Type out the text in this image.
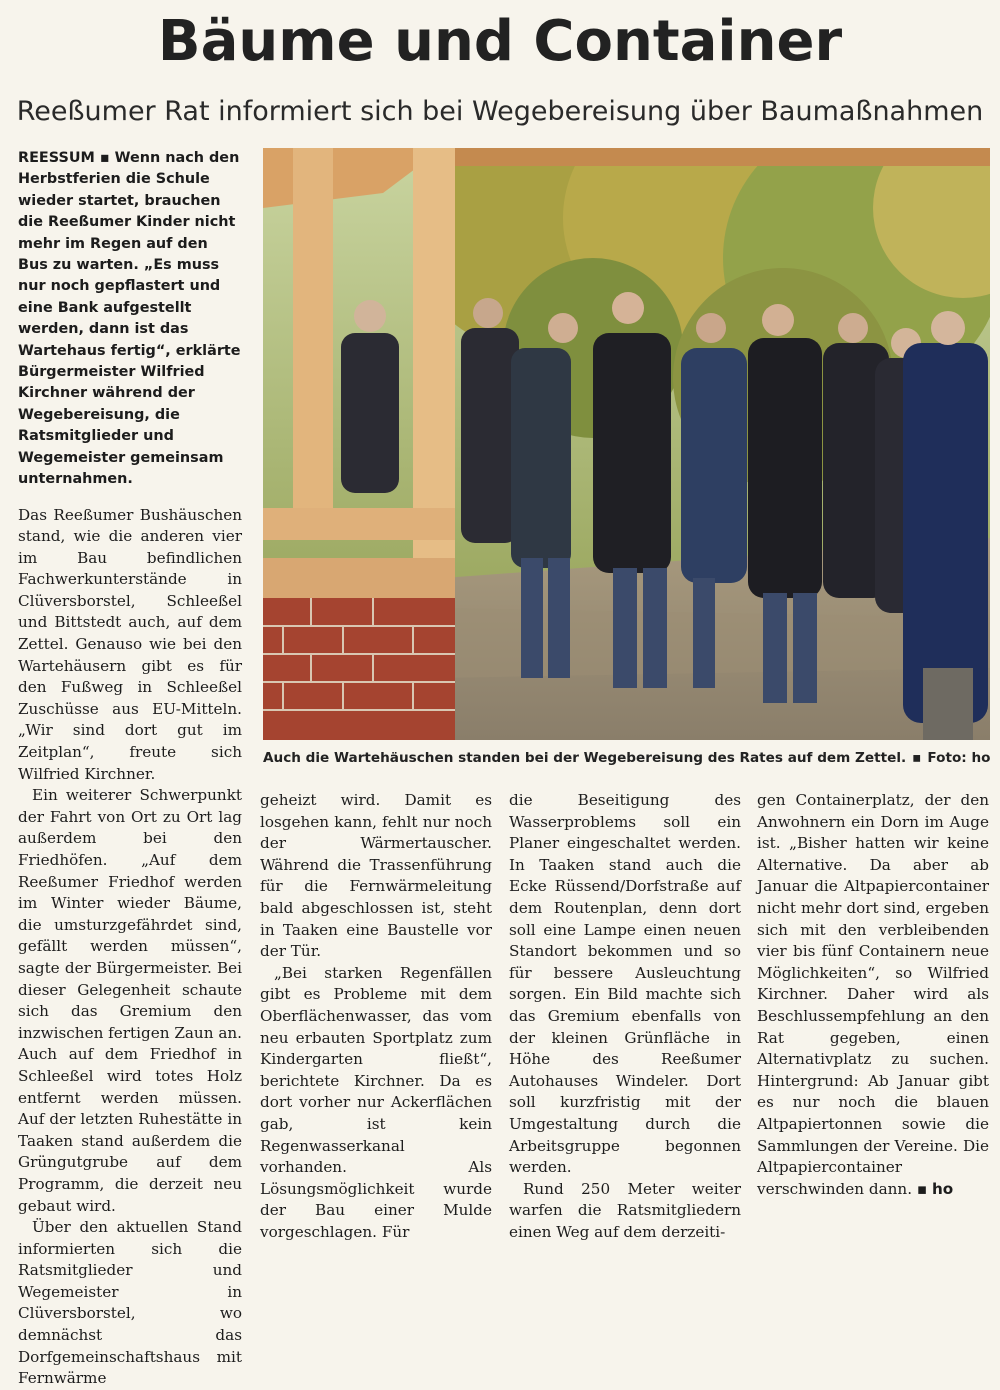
Bäume und Container
Reeßumer Rat informiert sich bei Wegebereisung über Baumaßnahmen
REESSUM ▪ Wenn nach den Herbstferien die Schule wieder startet, brauchen die Reeßumer Kinder nicht mehr im Regen auf den Bus zu warten. „Es muss nur noch gepflastert und eine Bank aufgestellt werden, dann ist das Wartehaus fertig“, erklärte Bürgermeister Wilfried Kirchner während der Wegebereisung, die Ratsmitglieder und Wegemeister gemeinsam unternahmen.

Das Reeßumer Bushäuschen stand, wie die anderen vier im Bau befindlichen Fachwerkunterstände in Clüversborstel, Schleeßel und Bittstedt auch, auf dem Zettel. Genauso wie bei den Wartehäusern gibt es für den Fußweg in Schleeßel Zuschüsse aus EU-Mitteln. „Wir sind dort gut im Zeitplan“, freute sich Wilfried Kirchner.

Ein weiterer Schwerpunkt der Fahrt von Ort zu Ort lag außerdem bei den Friedhöfen. „Auf dem Reeßumer Friedhof werden im Winter wieder Bäume, die umsturzgefährdet sind, gefällt werden müssen“, sagte der Bürgermeister. Bei dieser Gelegenheit schaute sich das Gremium den inzwischen fertigen Zaun an. Auch auf dem Friedhof in Schleeßel wird totes Holz entfernt werden müssen. Auf der letzten Ruhestätte in Taaken stand außerdem die Grüngutgrube auf dem Programm, die derzeit neu gebaut wird.

Über den aktuellen Stand informierten sich die Ratsmitglieder und Wegemeister in Clüversborstel, wo demnächst das Dorfgemeinschaftshaus mit Fernwärme

Auch die Wartehäuschen standen bei der Wegebereisung des Rates auf dem Zettel. ▪ Foto: ho

geheizt wird. Damit es losgehen kann, fehlt nur noch der Wärmertauscher. Während die Trassenführung für die Fernwärmeleitung bald abgeschlossen ist, steht in Taaken eine Baustelle vor der Tür.

„Bei starken Regenfällen gibt es Probleme mit dem Oberflächenwasser, das vom neu erbauten Sportplatz zum Kindergarten fließt“, berichtete Kirchner. Da es dort vorher nur Ackerflächen gab, ist kein Regenwasserkanal vorhanden. Als Lösungsmöglichkeit wurde der Bau einer Mulde vorgeschlagen. Für

die Beseitigung des Wasserproblems soll ein Planer eingeschaltet werden. In Taaken stand auch die Ecke Rüssend/Dorfstraße auf dem Routenplan, denn dort soll eine Lampe einen neuen Standort bekommen und so für bessere Ausleuchtung sorgen. Ein Bild machte sich das Gremium ebenfalls von der kleinen Grünfläche in Höhe des Reeßumer Autohauses Windeler. Dort soll kurzfristig mit der Umgestaltung durch die Arbeitsgruppe begonnen werden.

Rund 250 Meter weiter warfen die Ratsmitgliedern einen Weg auf dem derzeiti-

gen Containerplatz, der den Anwohnern ein Dorn im Auge ist. „Bisher hatten wir keine Alternative. Da aber ab Januar die Altpapiercontainer nicht mehr dort sind, ergeben sich mit den verbleibenden vier bis fünf Containern neue Möglichkeiten“, so Wilfried Kirchner. Daher wird als Beschlussempfehlung an den Rat gegeben, einen Alternativplatz zu suchen. Hintergrund: Ab Januar gibt es nur noch die blauen Altpapiertonnen sowie die Sammlungen der Vereine. Die Altpapiercontainer verschwinden dann. ▪ ho
